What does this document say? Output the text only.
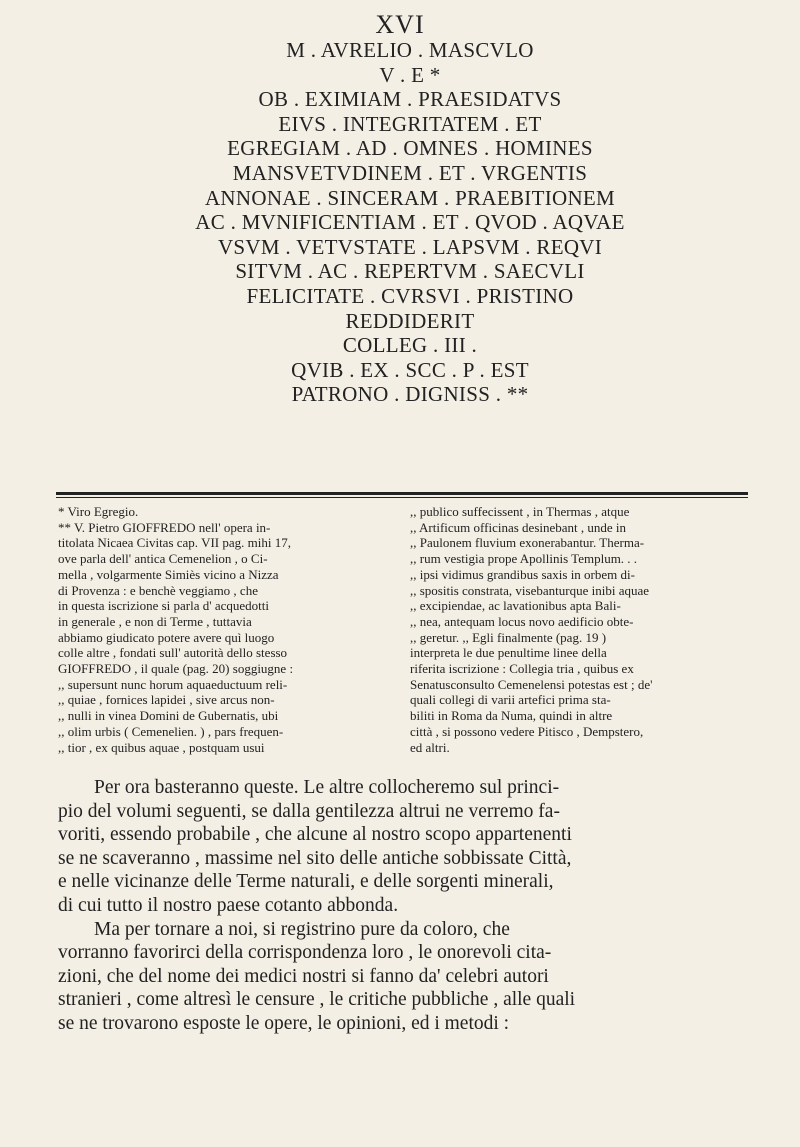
XVI
M . AVRELIO . MASCVLO
V . E *
OB . EXIMIAM . PRAESIDATVS
EIVS . INTEGRITATEM . ET
EGREGIAM . AD . OMNES . HOMINES
MANSVETVDINEM . ET . VRGENTIS
ANNONAE . SINCERAM . PRAEBITIONEM
AC . MVNIFICENTIAM . ET . QVOD . AQVAE
VSVM . VETVSTATE . LAPSVM . REQVI
SITVM . AC . REPERTVM . SAECVLI
FELICITATE . CVRSVI . PRISTINO
REDDIDERIT
COLLEG . III .
QVIB . EX . SCC . P . EST
PATRONO . DIGNISS . **
* Viro Egregio.
** V. Pietro GIOFFREDO nell' opera in-
titolata Nicaea Civitas cap. VII pag. mihi 17,
ove parla dell' antica Cemenelion , o Ci-
mella , volgarmente Simiès vicino a Nizza
di Provenza : e benchè veggiamo , che
in questa iscrizione si parla d' acquedotti
in generale , e non di Terme , tuttavia
abbiamo giudicato potere avere quì luogo
colle altre , fondati sull' autorità dello stesso
GIOFFREDO , il quale (pag. 20) soggiugne :
,, supersunt nunc horum aquaeductuum reli-
,, quiae , fornices lapidei , sive arcus non-
,, nulli in vinea Domini de Gubernatis, ubi
,, olim urbis ( Cemenelien. ) , pars frequen-
,, tior , ex quibus aquae , postquam usui
,, publico suffecissent , in Thermas , atque
,, Artificum officinas desinebant , unde in
,, Paulonem fluvium exonerabantur. Therma-
,, rum vestigia prope Apollinis Templum. . .
,, ipsi vidimus grandibus saxis in orbem di-
,, spositis constrata, visebanturque inibi aquae
,, excipiendae, ac lavationibus apta Bali-
,, nea, antequam locus novo aedificio obte-
,, geretur. ,, Egli finalmente (pag. 19 )
interpreta le due penultime linee della
riferita iscrizione : Collegia tria , quibus ex
Senatusconsulto Cemenelensi potestas est ; de'
quali collegi di varii artefici prima sta-
biliti in Roma da Numa, quindi in altre
città , si possono vedere Pitisco , Dempstero,
ed altri.
Per ora basteranno queste. Le altre collocheremo sul princi-
pio del volumi seguenti, se dalla gentilezza altrui ne verremo fa-
voriti, essendo probabile , che alcune al nostro scopo appartenenti
se ne scaveranno , massime nel sito delle antiche sobbissate Città,
e nelle vicinanze delle Terme naturali, e delle sorgenti minerali,
di cui tutto il nostro paese cotanto abbonda.
Ma per tornare a noi, si registrino pure da coloro, che
vorranno favorirci della corrispondenza loro , le onorevoli cita-
zioni, che del nome dei medici nostri si fanno da' celebri autori
stranieri , come altresì le censure , le critiche pubbliche , alle quali
se ne trovarono esposte le opere, le opinioni, ed i metodi :
